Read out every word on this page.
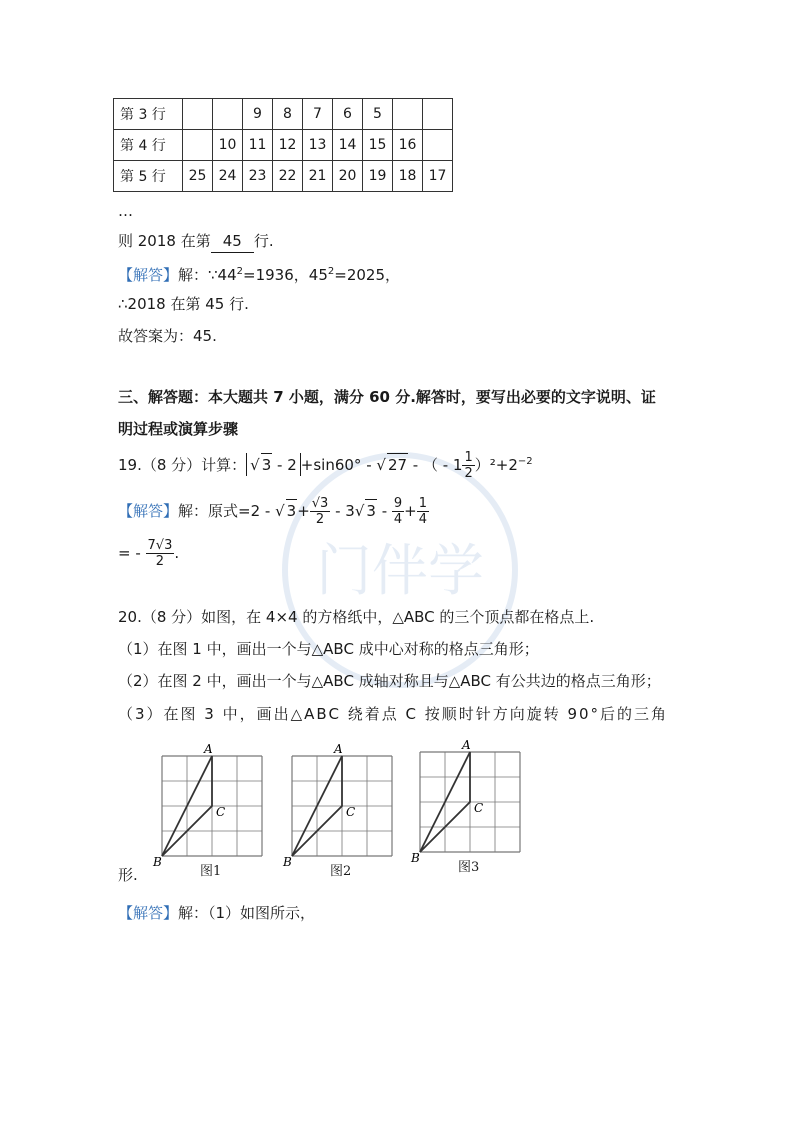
门伴学
第 3 行			9	8	7	6	5		
第 4 行		10	11	12	13	14	15	16	
第 5 行	25	24	23	22	21	20	19	18	17
…
则 2018 在第 45 行.
【解答】解：$\because 44^2=1936$，$45^2=2025$，
∴2018 在第 45 行.
故答案为：45.
三、解答题：本大题共 7 小题，满分 60 分.解答时，要写出必要的文字说明、证
明过程或演算步骤
19.（8 分）计算： √ 3 - 2 +sin60° - √ 27 - （ - $1 \frac{1}{2} )^2+2^{-2}$
【解答】解：原式=2 - √ $3+ \frac{√3}{2} - 3√$ $3 - \frac{9}{4} + \frac{1}{4}$
= - $\frac{7√3}{2}$ .
20.（8 分）如图，在 4×4 的方格纸中，△ABC 的三个顶点都在格点上.
（1）在图 1 中，画出一个与△ABC 成中心对称的格点三角形；
（2）在图 2 中，画出一个与△ABC 成轴对称且与△ABC 有公共边的格点三角形；
（3）在图 3 中，画出△ABC 绕着点 C 按顺时针方向旋转 90°后的三角
A
C
B
图1
A
C
B
图2
A
C
B
图3
形.
【解答】解：（1）如图所示，
